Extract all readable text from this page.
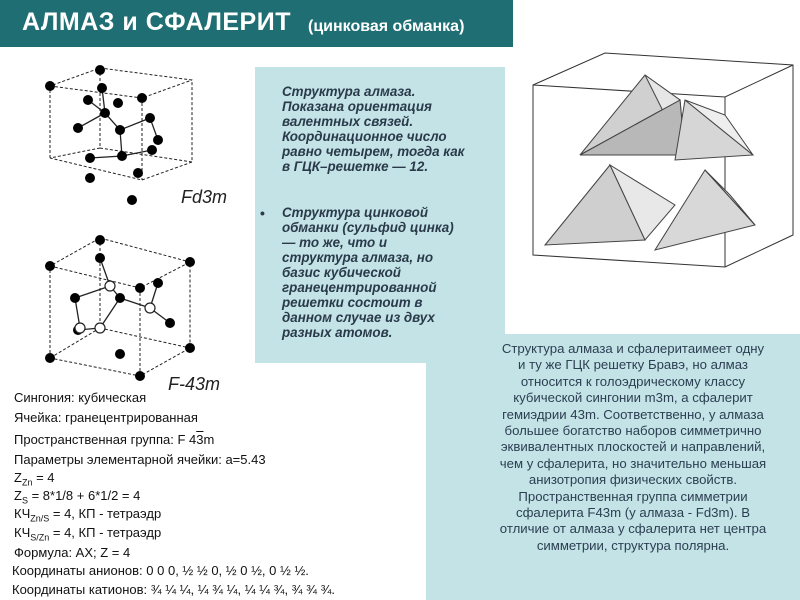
АЛМАЗ и СФАЛЕРИТ (цинковая обманка)
Fd3m
F-43m

Структура алмаза.

Показана ориентация

валентных связей.

Координационное число

равно четырем, тогда как

в ГЦК–решетке — 12.

• Структура цинковой

обманки (сульфид цинка)

— то же, что и

структура алмаза, но

базис кубической

гранецентрированной

решетки состоит в

данном случае из двух

разных атомов.

Структура алмаза и сфалеритаимеет одну
и ту же ГЦК решетку Бравэ, но алмаз
относится к голоэдрическому классу
кубической сингонии m3m, а сфалерит
гемиэдрии 43m. Соответственно, у алмаза
большее богатство наборов симметрично
эквивалентных плоскостей и направлений,
чем у сфалерита, но значительно меньшая
анизотропия физических свойств.
Пространственная группа симметрии
сфалерита F43m (у алмаза - Fd3m). В
отличие от алмаза у сфалерита нет центра
симметрии, структура полярна.
Сингония: кубическая
Ячейка: гранецентрированная
Пространственная группа: F 43m
Параметры элементарной ячейки: а=5.43
$Z_{Zn} = 4$
$Z_S = 8*1/8 + 6*1/2 = 4$
$КЧ_{Zn/S} = 4$, КП - тетраэдр
$КЧ_{S/Zn} = 4$, КП - тетраэдр
Формула: АХ; Z = 4
Координаты анионов: 0 0 0, ½ ½ 0, ½ 0 ½, 0 ½ ½.
Координаты катионов: ¾ ¼ ¼, ¼ ¾ ¼, ¼ ¼ ¾, ¾ ¾ ¾.
